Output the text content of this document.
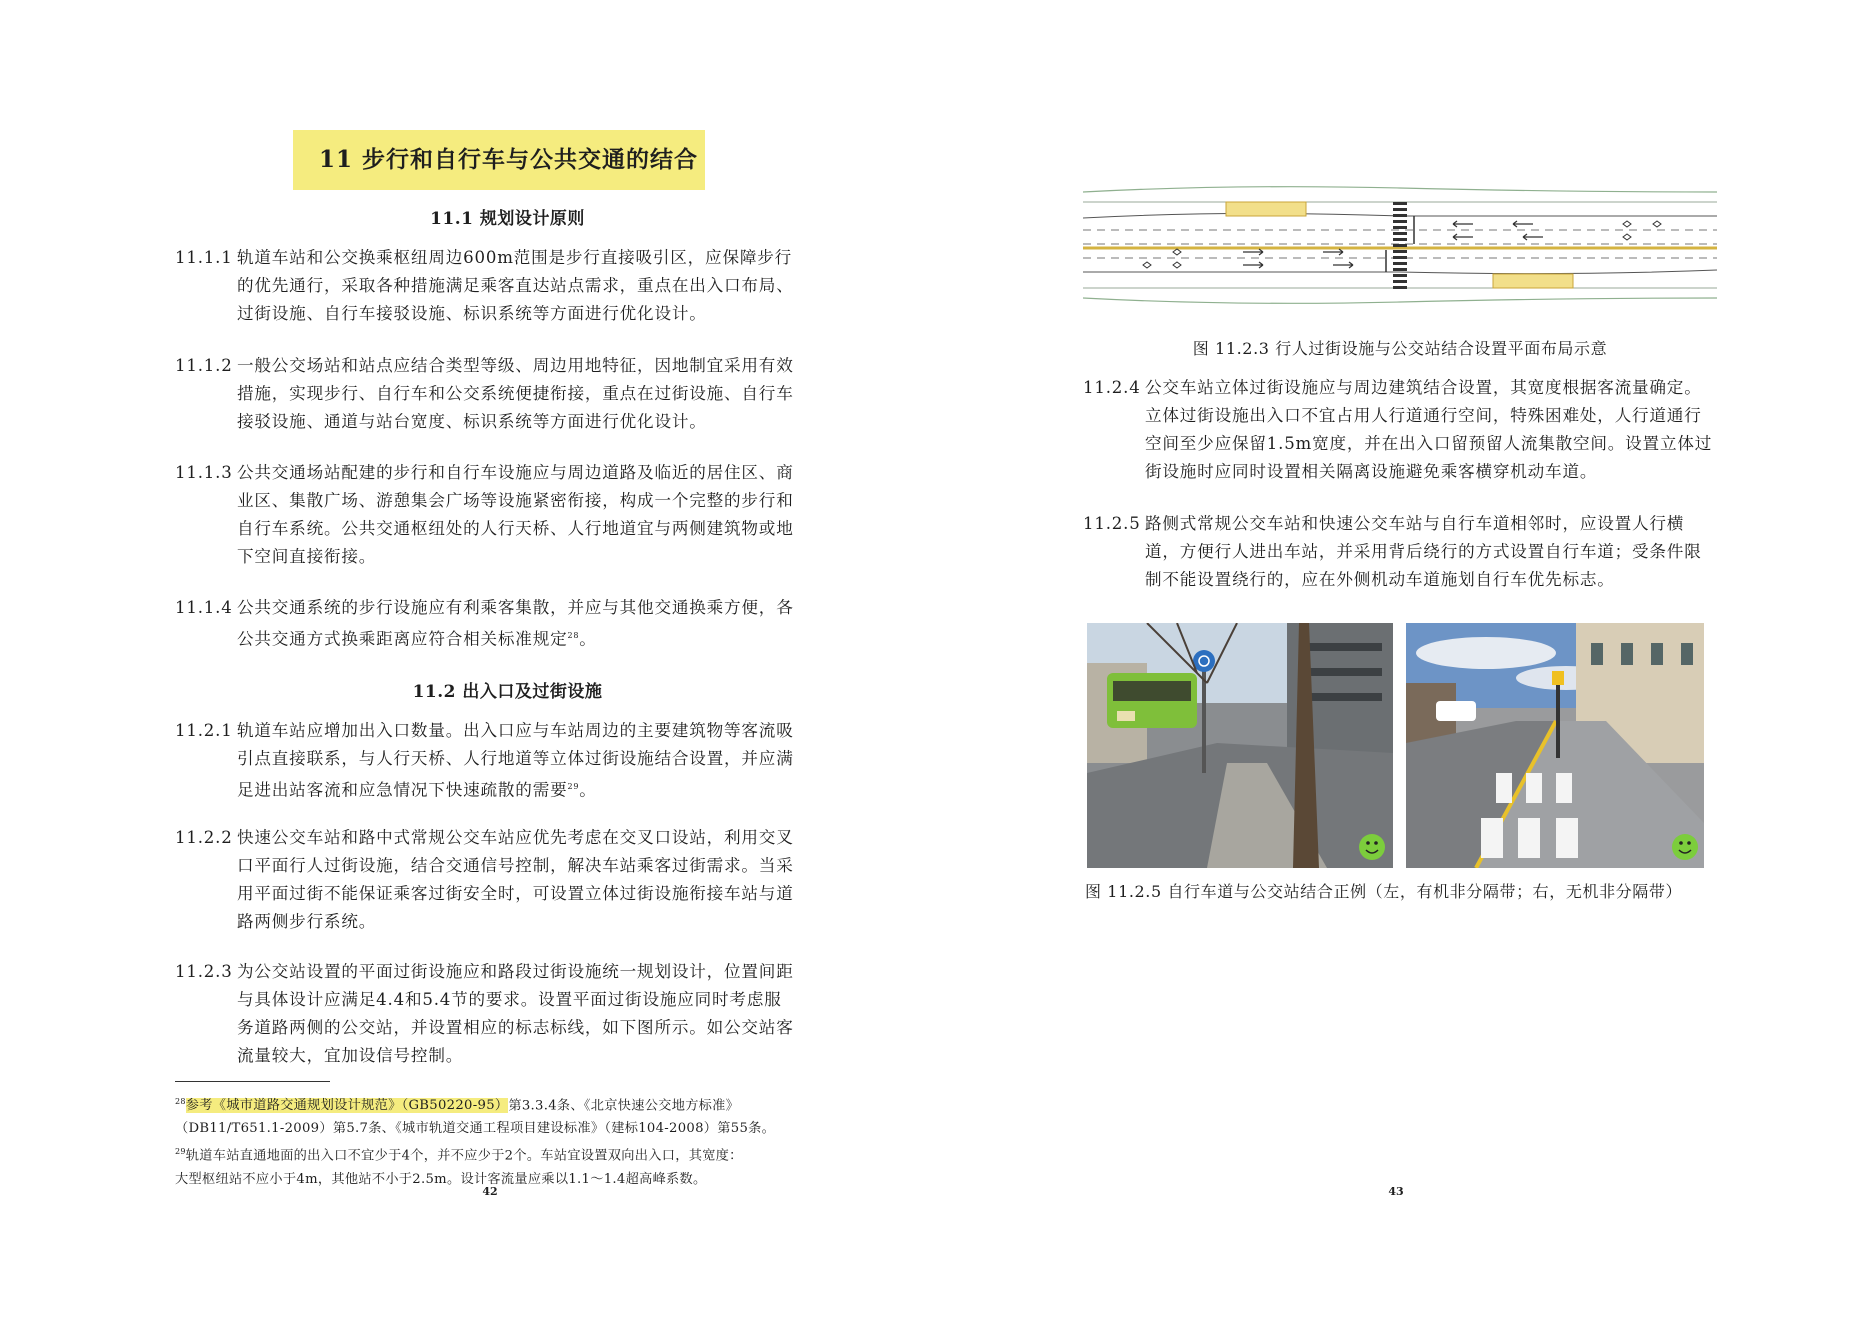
11 步行和自行车与公共交通的结合
11.1 规划设计原则
11.1.1 轨道车站和公交换乘枢纽周边600m范围是步行直接吸引区，应保障步行的优先通行，采取各种措施满足乘客直达站点需求，重点在出入口布局、过街设施、自行车接驳设施、标识系统等方面进行优化设计。
11.1.2 一般公交场站和站点应结合类型等级、周边用地特征，因地制宜采用有效措施，实现步行、自行车和公交系统便捷衔接，重点在过街设施、自行车接驳设施、通道与站台宽度、标识系统等方面进行优化设计。
11.1.3 公共交通场站配建的步行和自行车设施应与周边道路及临近的居住区、商业区、集散广场、游憩集会广场等设施紧密衔接，构成一个完整的步行和自行车系统。公共交通枢纽处的人行天桥、人行地道宜与两侧建筑物或地下空间直接衔接。
11.1.4 公共交通系统的步行设施应有利乘客集散，并应与其他交通换乘方便，各公共交通方式换乘距离应符合相关标准规定$^{28}$。
11.2 出入口及过街设施
11.2.1 轨道车站应增加出入口数量。出入口应与车站周边的主要建筑物等客流吸引点直接联系，与人行天桥、人行地道等立体过街设施结合设置，并应满足进出站客流和应急情况下快速疏散的需要$^{29}$。
11.2.2 快速公交车站和路中式常规公交车站应优先考虑在交叉口设站，利用交叉口平面行人过街设施，结合交通信号控制，解决车站乘客过街需求。当采用平面过街不能保证乘客过街安全时，可设置立体过街设施衔接车站与道路两侧步行系统。
11.2.3 为公交站设置的平面过街设施应和路段过街设施统一规划设计，位置间距与具体设计应满足4.4和5.4节的要求。设置平面过街设施应同时考虑服务道路两侧的公交站，并设置相应的标志标线，如下图所示。如公交站客流量较大，宜加设信号控制。
$^{28}$参考《城市道路交通规划设计规范》（GB50220-95）第3.3.4条、《北京快速公交地方标准》
（DB11/T651.1-2009）第5.7条、《城市轨道交通工程项目建设标准》（建标104-2008）第55条。
$^{29}$轨道车站直通地面的出入口不宜少于4个，并不应少于2个。车站宜设置双向出入口，其宽度：
大型枢纽站不应小于4m，其他站不小于2.5m。设计客流量应乘以1.1～1.4超高峰系数。
42
图 11.2.3 行人过街设施与公交站结合设置平面布局示意
11.2.4 公交车站立体过街设施应与周边建筑结合设置，其宽度根据客流量确定。立体过街设施出入口不宜占用人行道通行空间，特殊困难处，人行道通行空间至少应保留1.5m宽度，并在出入口留预留人流集散空间。设置立体过街设施时应同时设置相关隔离设施避免乘客横穿机动车道。
11.2.5 路侧式常规公交车站和快速公交车站与自行车道相邻时，应设置人行横道，方便行人进出车站，并采用背后绕行的方式设置自行车道；受条件限制不能设置绕行的，应在外侧机动车道施划自行车优先标志。
图 11.2.5 自行车道与公交站结合正例（左，有机非分隔带；右，无机非分隔带）
43
